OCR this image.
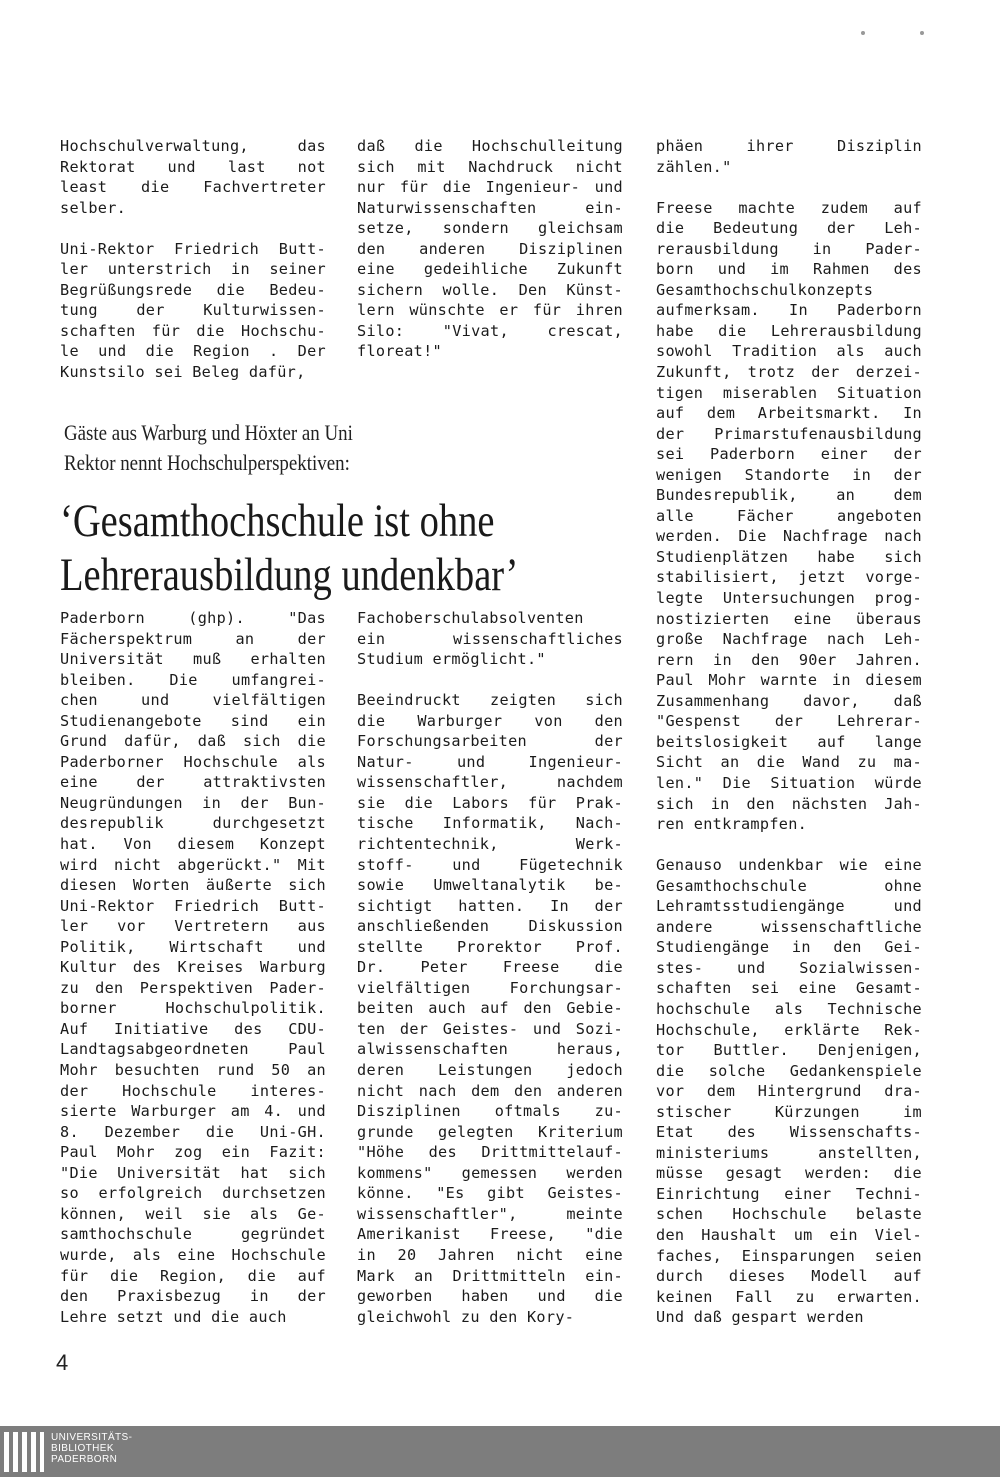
Hochschulverwaltung, das
Rektorat und last not
least die Fachvertreter
selber.

Uni-Rektor Friedrich Butt-
ler unterstrich in seiner
Begrüßungsrede die Bedeu-
tung der Kulturwissen-
schaften für die Hochschu-
le und die Region . Der
Kunstsilo sei Beleg dafür,

daß die Hochschulleitung
sich mit Nachdruck nicht
nur für die Ingenieur- und
Naturwissenschaften ein-
setze, sondern gleichsam
den anderen Disziplinen
eine gedeihliche Zukunft
sichern wolle. Den Künst-
lern wünschte er für ihren
Silo: "Vivat, crescat,
floreat!"

Gäste aus Warburg und Höxter an Uni
Rektor nennt Hochschulperspektiven:
‘Gesamthochschule ist ohne
Lehrerausbildung undenkbar’

Paderborn (ghp). "Das
Fächerspektrum an der
Universität muß erhalten
bleiben. Die umfangrei-
chen und vielfältigen
Studienangebote sind ein
Grund dafür, daß sich die
Paderborner Hochschule als
eine der attraktivsten
Neugründungen in der Bun-
desrepublik durchgesetzt
hat. Von diesem Konzept
wird nicht abgerückt." Mit
diesen Worten äußerte sich
Uni-Rektor Friedrich Butt-
ler vor Vertretern aus
Politik, Wirtschaft und
Kultur des Kreises Warburg
zu den Perspektiven Pader-
borner Hochschulpolitik.
Auf Initiative des CDU-
Landtagsabgeordneten Paul
Mohr besuchten rund 50 an
der Hochschule interes-
sierte Warburger am 4. und
8. Dezember die Uni-GH.
Paul Mohr zog ein Fazit:
"Die Universität hat sich
so erfolgreich durchsetzen
können, weil sie als Ge-
samthochschule gegründet
wurde, als eine Hochschule
für die Region, die auf
den Praxisbezug in der
Lehre setzt und die auch

Fachoberschulabsolventen
ein wissenschaftliches
Studium ermöglicht."

Beeindruckt zeigten sich
die Warburger von den
Forschungsarbeiten der
Natur- und Ingenieur-
wissenschaftler, nachdem
sie die Labors für Prak-
tische Informatik, Nach-
richtentechnik, Werk-
stoff- und Fügetechnik
sowie Umweltanalytik be-
sichtigt hatten. In der
anschließenden Diskussion
stellte Prorektor Prof.
Dr. Peter Freese die
vielfältigen Forchungsar-
beiten auch auf den Gebie-
ten der Geistes- und Sozi-
alwissenschaften heraus,
deren Leistungen jedoch
nicht nach dem den anderen
Disziplinen oftmals zu-
grunde gelegten Kriterium
"Höhe des Drittmittelauf-
kommens" gemessen werden
könne. "Es gibt Geistes-
wissenschaftler", meinte
Amerikanist Freese, "die
in 20 Jahren nicht eine
Mark an Drittmitteln ein-
geworben haben und die
gleichwohl zu den Kory-

phäen ihrer Disziplin
zählen."

Freese machte zudem auf
die Bedeutung der Leh-
rerausbildung in Pader-
born und im Rahmen des
Gesamthochschulkonzepts
aufmerksam. In Paderborn
habe die Lehrerausbildung
sowohl Tradition als auch
Zukunft, trotz der derzei-
tigen miserablen Situation
auf dem Arbeitsmarkt. In
der Primarstufenausbildung
sei Paderborn einer der
wenigen Standorte in der
Bundesrepublik, an dem
alle Fächer angeboten
werden. Die Nachfrage nach
Studienplätzen habe sich
stabilisiert, jetzt vorge-
legte Untersuchungen prog-
nostizierten eine überaus
große Nachfrage nach Leh-
rern in den 90er Jahren.
Paul Mohr warnte in diesem
Zusammenhang davor, daß
"Gespenst der Lehrerar-
beitslosigkeit auf lange
Sicht an die Wand zu ma-
len." Die Situation würde
sich in den nächsten Jah-
ren entkrampfen.

Genauso undenkbar wie eine
Gesamthochschule ohne
Lehramtsstudiengänge und
andere wissenschaftliche
Studiengänge in den Gei-
stes- und Sozialwissen-
schaften sei eine Gesamt-
hochschule als Technische
Hochschule, erklärte Rek-
tor Buttler. Denjenigen,
die solche Gedankenspiele
vor dem Hintergrund dra-
stischer Kürzungen im
Etat des Wissenschafts-
ministeriums anstellten,
müsse gesagt werden: die
Einrichtung einer Techni-
schen Hochschule belaste
den Haushalt um ein Viel-
faches, Einsparungen seien
durch dieses Modell auf
keinen Fall zu erwarten.
Und daß gespart werden

4
UNIVERSITÄTS-
BIBLIOTHEK
PADERBORN
